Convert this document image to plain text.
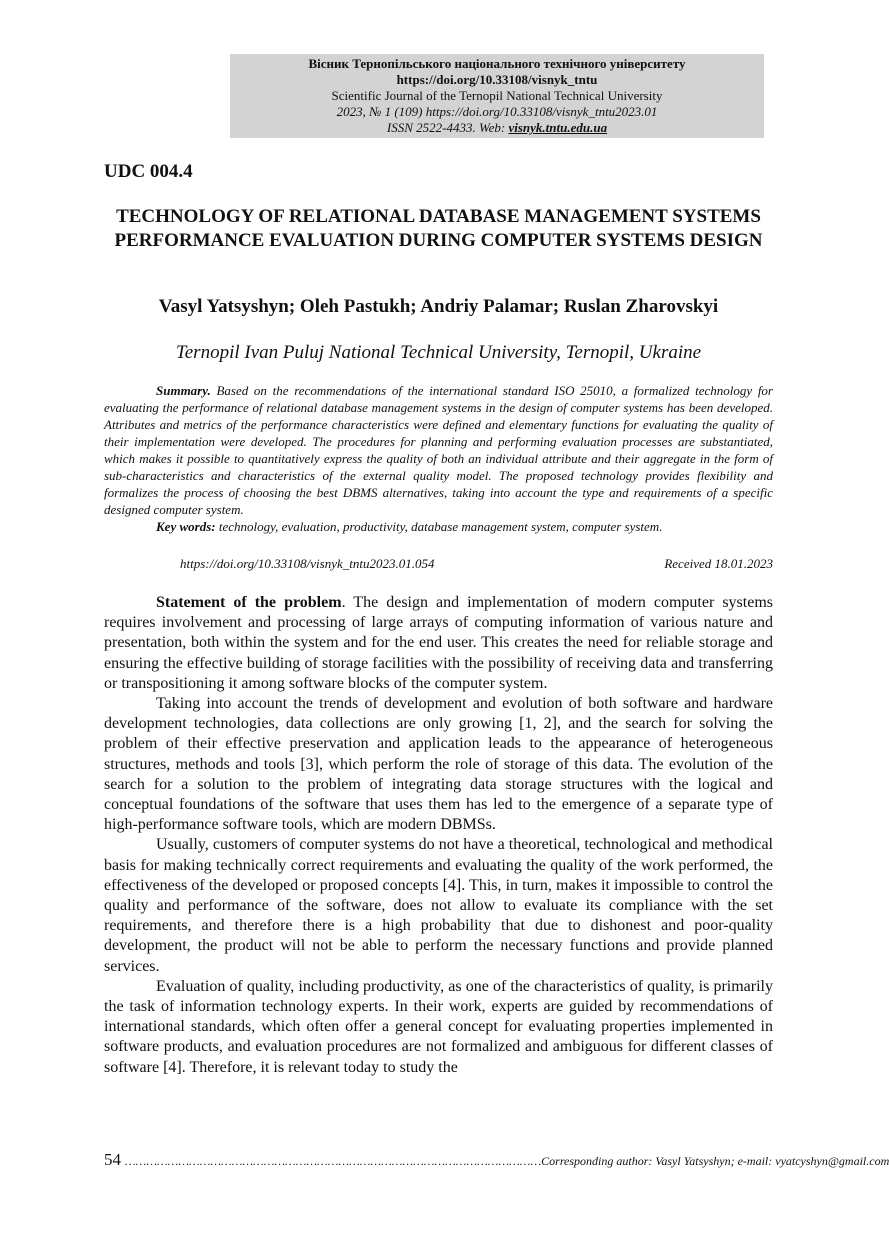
Вісник Тернопільського національного технічного університету
https://doi.org/10.33108/visnyk_tntu
Scientific Journal of the Ternopil National Technical University
2023, № 1 (109) https://doi.org/10.33108/visnyk_tntu2023.01
ISSN 2522-4433. Web: visnyk.tntu.edu.ua
UDC 004.4
TECHNOLOGY OF RELATIONAL DATABASE MANAGEMENT SYSTEMS PERFORMANCE EVALUATION DURING COMPUTER SYSTEMS DESIGN
Vasyl Yatsyshyn; Oleh Pastukh; Andriy Palamar; Ruslan Zharovskyi
Ternopil Ivan Puluj National Technical University, Ternopil, Ukraine

Summary. Based on the recommendations of the international standard ISO 25010, a formalized technology for evaluating the performance of relational database management systems in the design of computer systems has been developed. Attributes and metrics of the performance characteristics were defined and elementary functions for evaluating the quality of their implementation were developed. The procedures for planning and performing evaluation processes are substantiated, which makes it possible to quantitatively express the quality of both an individual attribute and their aggregate in the form of sub-characteristics and characteristics of the external quality model. The proposed technology provides flexibility and formalizes the process of choosing the best DBMS alternatives, taking into account the type and requirements of a specific designed computer system.

Key words: technology, evaluation, productivity, database management system, computer system.

https://doi.org/10.33108/visnyk_tntu2023.01.054	Received 18.01.2023

Statement of the problem. The design and implementation of modern computer systems requires involvement and processing of large arrays of computing information of various nature and presentation, both within the system and for the end user. This creates the need for reliable storage and ensuring the effective building of storage facilities with the possibility of receiving data and transferring or transpositioning it among software blocks of the computer system.

Taking into account the trends of development and evolution of both software and hardware development technologies, data collections are only growing [1, 2], and the search for solving the problem of their effective preservation and application leads to the appearance of heterogeneous structures, methods and tools [3], which perform the role of storage of this data. The evolution of the search for a solution to the problem of integrating data storage structures with the logical and conceptual foundations of the software that uses them has led to the emergence of a separate type of high-performance software tools, which are modern DBMSs.

Usually, customers of computer systems do not have a theoretical, technological and methodical basis for making technically correct requirements and evaluating the quality of the work performed, the effectiveness of the developed or proposed concepts [4]. This, in turn, makes it impossible to control the quality and performance of the software, does not allow to evaluate its compliance with the set requirements, and therefore there is a high probability that due to dishonest and poor-quality development, the product will not be able to perform the necessary functions and provide planned services.

Evaluation of quality, including productivity, as one of the characteristics of quality, is primarily the task of information technology experts. In their work, experts are guided by recommendations of international standards, which often offer a general concept for evaluating properties implemented in software products, and evaluation procedures are not formalized and ambiguous for different classes of software [4]. Therefore, it is relevant today to study the

54 ……………………………………………………………………………………………………… Corresponding author: Vasyl Yatsyshyn; e-mail: vyatcyshyn@gmail.com
